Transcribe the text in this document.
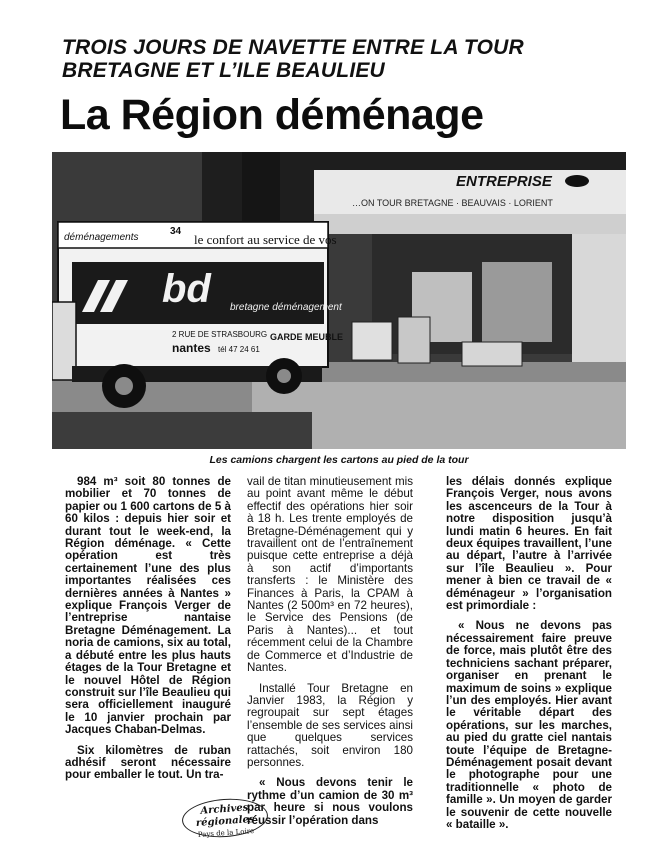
TROIS JOURS DE NAVETTE ENTRE LA TOUR BRETAGNE ET L’ILE BEAULIEU
La Région déménage
ENTREPRISE
…ON TOUR BRETAGNE · BEAUVAIS · LORIENT
déménagements
34
le confort au service de vos
bd bretagne déménagement
2 RUE DE STRASBOURG
nantes tél 47 24 61
GARDE MEUBLE

Les camions chargent les cartons au pied de la tour

984 m³ soit 80 tonnes de mobilier et 70 tonnes de papier ou 1 600 cartons de 5 à 60 kilos : depuis hier soir et durant tout le week-end, la Région déménage. « Cette opération est très certainement l’une des plus importantes réalisées ces dernières années à Nantes » explique François Verger de l’entreprise nantaise Bretagne Déménagement. La noria de camions, six au total, a débuté entre les plus hauts étages de la Tour Bretagne et le nouvel Hôtel de Région construit sur l’île Beaulieu qui sera officiellement inauguré le 10 janvier prochain par Jacques Chaban-Delmas.

Six kilomètres de ruban adhésif seront nécessaire pour emballer le tout. Un tra-

vail de titan minutieusement mis au point avant même le début effectif des opérations hier soir à 18 h. Les trente employés de Bretagne-Déménagement qui y travaillent ont de l’entraînement puisque cette entreprise a déjà à son actif d’importants transferts : le Ministère des Finances à Paris, la CPAM à Nantes (2 500m³ en 72 heures), le Service des Pensions (de Paris à Nantes)... et tout récemment celui de la Chambre de Commerce et d’Industrie de Nantes.

Installé Tour Bretagne en Janvier 1983, la Région y regroupait sur sept étages l’ensemble de ses services ainsi que quelques services rattachés, soit environ 180 personnes.

« Nous devons tenir le rythme d’un camion de 30 m³ par heure si nous voulons réussir l’opération dans

les délais donnés explique François Verger, nous avons les ascenceurs de la Tour à notre disposition jusqu’à lundi matin 6 heures. En fait deux équipes travaillent, l’une au départ, l’autre à l’arrivée sur l’île Beaulieu ». Pour mener à bien ce travail de « déménageur » l’organisation est primordiale :

« Nous ne devons pas nécessairement faire preuve de force, mais plutôt être des techniciens sachant préparer, organiser en prenant le maximum de soins » explique l’un des employés. Hier avant le véritable départ des opérations, sur les marches, au pied du gratte ciel nantais toute l’équipe de Bretagne-Déménagement posait devant le photographe pour une traditionnelle « photo de famille ». Un moyen de garder le souvenir de cette nouvelle « bataille ».

Archives régionales
Pays de la Loire
